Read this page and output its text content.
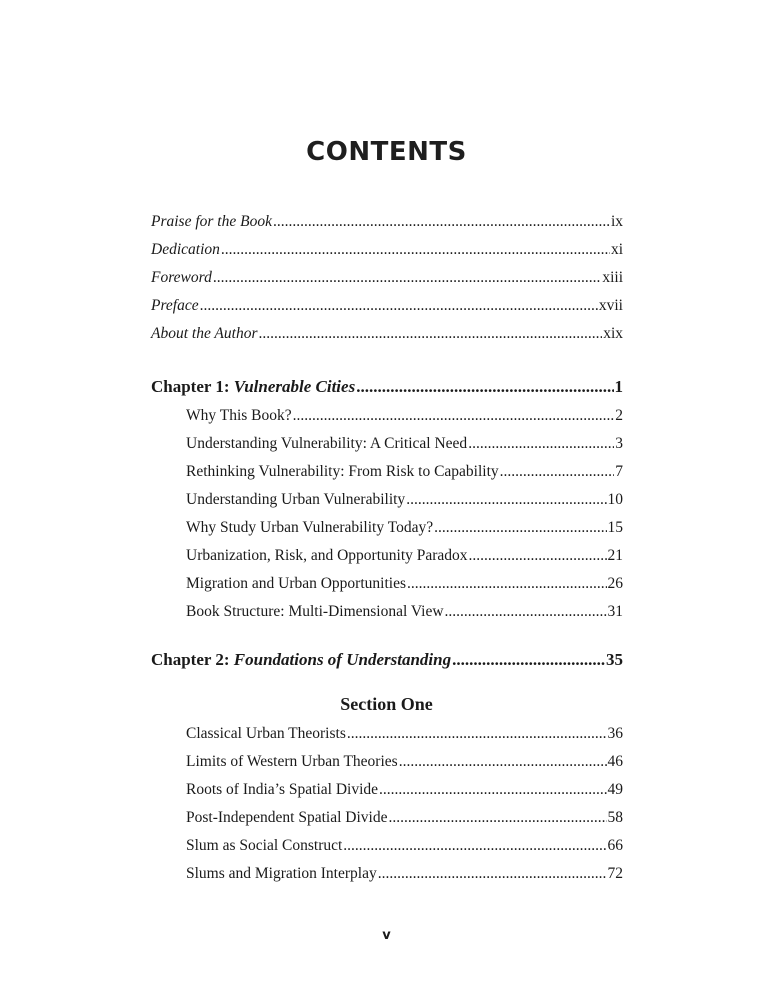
CONTENTS
Praise for the Book .....	ix
Dedication .....	xi
Foreword .....	xiii
Preface .....	xvii
About the Author .....	xix
Chapter 1: Vulnerable Cities .....	1
Why This Book? .....	2
Understanding Vulnerability: A Critical Need .....	3
Rethinking Vulnerability: From Risk to Capability .....	7
Understanding Urban Vulnerability .....	10
Why Study Urban Vulnerability Today? .....	15
Urbanization, Risk, and Opportunity Paradox .....	21
Migration and Urban Opportunities .....	26
Book Structure: Multi-Dimensional View .....	31
Chapter 2: Foundations of Understanding .....	35
Section One
Classical Urban Theorists .....	36
Limits of Western Urban Theories .....	46
Roots of India’s Spatial Divide .....	49
Post-Independent Spatial Divide .....	58
Slum as Social Construct .....	66
Slums and Migration Interplay .....	72
v
